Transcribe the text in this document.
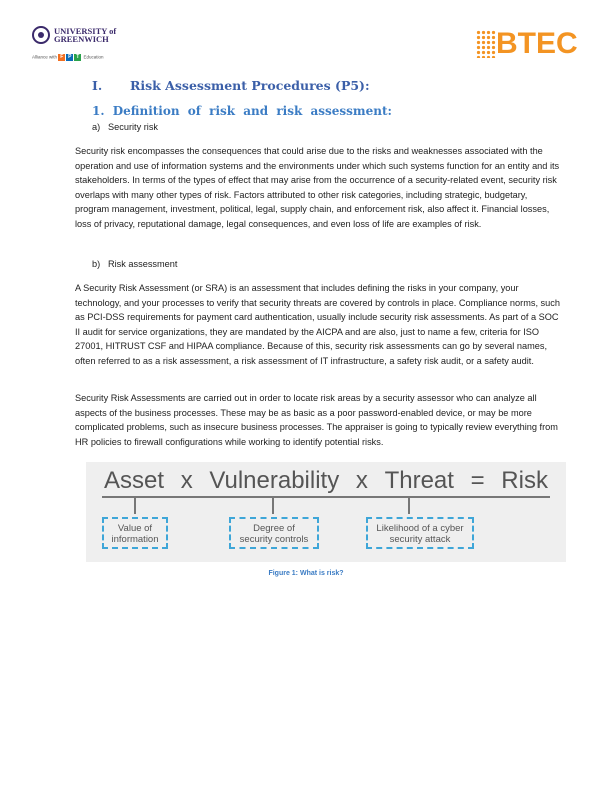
UNIVERSITY of
GREENWICH
Alliance with F P T Education	BTEC
I. Risk Assessment Procedures (P5):
1. Definition of risk and risk assessment:
a) Security risk

Security risk encompasses the consequences that could arise due to the risks and weaknesses associated with the operation and use of information systems and the environments under which such systems function for an entity and its stakeholders. In terms of the types of effect that may arise from the occurrence of a security-related event, security risk overlaps with many other types of risk. Factors attributed to other risk categories, including strategic, budgetary, program management, investment, political, legal, supply chain, and enforcement risk, also affect it. Financial losses, loss of privacy, reputational damage, legal consequences, and even loss of life are examples of risk.

b) Risk assessment

A Security Risk Assessment (or SRA) is an assessment that includes defining the risks in your company, your technology, and your processes to verify that security threats are covered by controls in place. Compliance norms, such as PCI-DSS requirements for payment card authentication, usually include security risk assessments. As part of a SOC II audit for service organizations, they are mandated by the AICPA and are also, just to name a few, criteria for ISO 27001, HITRUST CSF and HIPAA compliance. Because of this, security risk assessments can go by several names, often referred to as a risk assessment, a risk assessment of IT infrastructure, a safety risk audit, or a safety audit.

Security Risk Assessments are carried out in order to locate risk areas by a security assessor who can analyze all aspects of the business processes. These may be as basic as a poor password-enabled device, or may be more complicated problems, such as insecure business processes. The appraiser is going to typically review everything from HR policies to firewall configurations while working to identify potential risks.

Asset x Vulnerability x Threat = Risk
Value of
information
Degree of
security controls
Likelihood of a cyber
security attack
Figure 1: What is risk?
